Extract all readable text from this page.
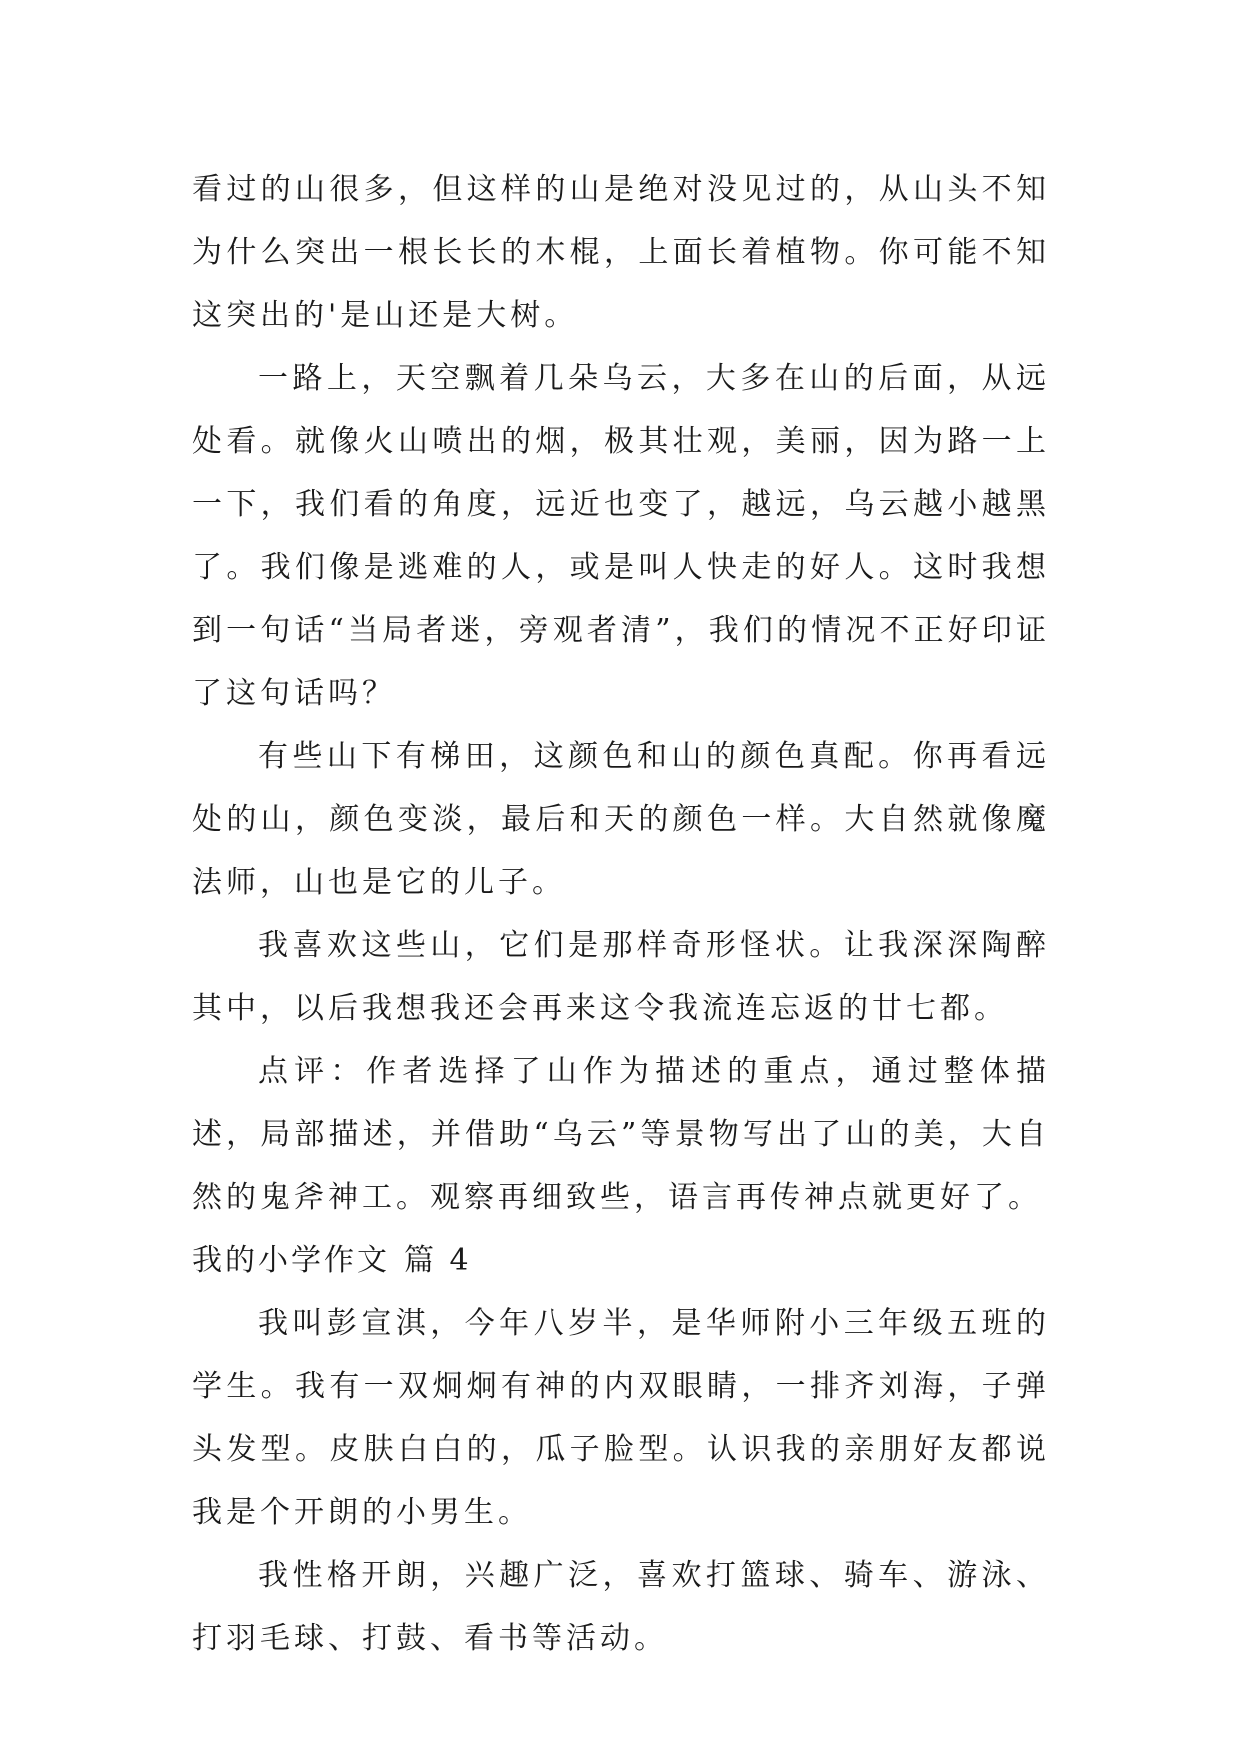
看过的山很多，但这样的山是绝对没见过的，从山头不知为什么突出一根长长的木棍，上面长着植物。你可能不知这突出的'是山还是大树。

一路上，天空飘着几朵乌云，大多在山的后面，从远处看。就像火山喷出的烟，极其壮观，美丽，因为路一上一下，我们看的角度，远近也变了，越远，乌云越小越黑了。我们像是逃难的人，或是叫人快走的好人。这时我想到一句话“当局者迷，旁观者清”，我们的情况不正好印证了这句话吗？

有些山下有梯田，这颜色和山的颜色真配。你再看远处的山，颜色变淡，最后和天的颜色一样。大自然就像魔法师，山也是它的儿子。

我喜欢这些山，它们是那样奇形怪状。让我深深陶醉其中，以后我想我还会再来这令我流连忘返的廿七都。

点评：作者选择了山作为描述的重点，通过整体描述，局部描述，并借助“乌云”等景物写出了山的美，大自然的鬼斧神工。观察再细致些，语言再传神点就更好了。

我的小学作文 篇 4

我叫彭宣淇，今年八岁半，是华师附小三年级五班的学生。我有一双炯炯有神的内双眼睛，一排齐刘海，子弹头发型。皮肤白白的，瓜子脸型。认识我的亲朋好友都说我是个开朗的小男生。

我性格开朗，兴趣广泛，喜欢打篮球、骑车、游泳、打羽毛球、打鼓、看书等活动。
